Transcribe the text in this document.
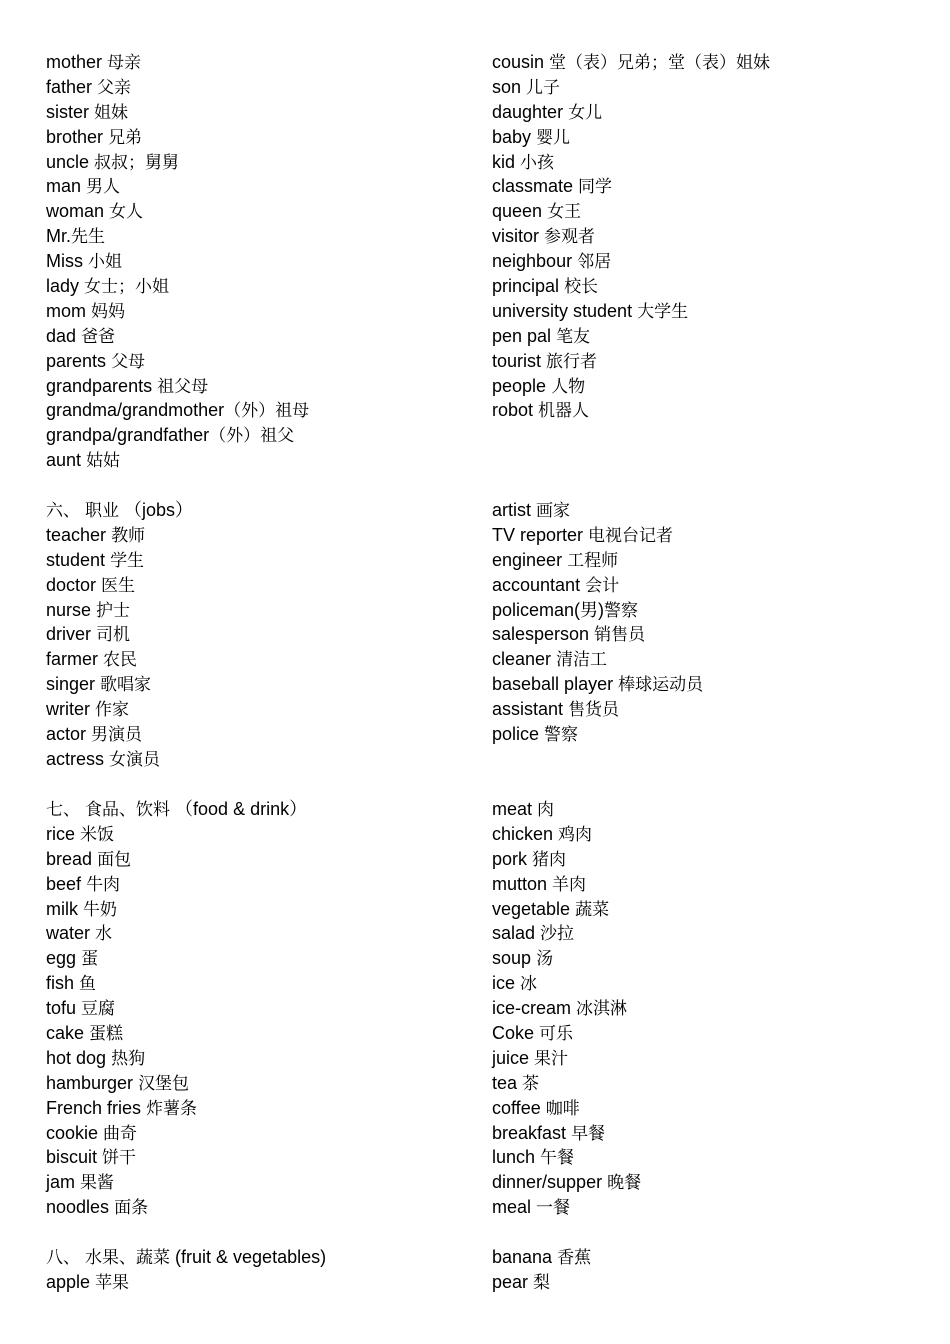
mother 母亲
father 父亲
sister 姐妹
brother 兄弟
uncle 叔叔；舅舅
man 男人
woman 女人
Mr.先生
Miss 小姐
lady 女士；小姐
mom 妈妈
dad 爸爸
parents 父母
grandparents 祖父母
grandma/grandmother（外）祖母
grandpa/grandfather（外）祖父
aunt 姑姑
cousin 堂（表）兄弟；堂（表）姐妹
son 儿子
daughter 女儿
baby 婴儿
kid 小孩
classmate 同学
queen 女王
visitor 参观者
neighbour 邻居
principal 校长
university student 大学生
pen pal 笔友
tourist 旅行者
people 人物
robot 机器人
六、 职业 （jobs）
teacher 教师
student 学生
doctor 医生
nurse 护士
driver 司机
farmer 农民
singer 歌唱家
writer 作家
actor 男演员
actress 女演员
artist 画家
TV reporter 电视台记者
engineer 工程师
accountant 会计
policeman(男)警察
salesperson 销售员
cleaner 清洁工
baseball player 棒球运动员
assistant 售货员
police 警察
七、 食品、饮料 （food & drink）
rice 米饭
bread 面包
beef 牛肉
milk 牛奶
water 水
egg 蛋
fish 鱼
tofu 豆腐
cake 蛋糕
hot dog 热狗
hamburger 汉堡包
French fries 炸薯条
cookie 曲奇
biscuit 饼干
jam 果酱
noodles 面条
meat 肉
chicken 鸡肉
pork 猪肉
mutton 羊肉
vegetable 蔬菜
salad 沙拉
soup 汤
ice 冰
ice-cream 冰淇淋
Coke 可乐
juice 果汁
tea 茶
coffee 咖啡
breakfast 早餐
lunch 午餐
dinner/supper 晚餐
meal 一餐
八、 水果、蔬菜 (fruit & vegetables)
apple 苹果
banana 香蕉
pear 梨
